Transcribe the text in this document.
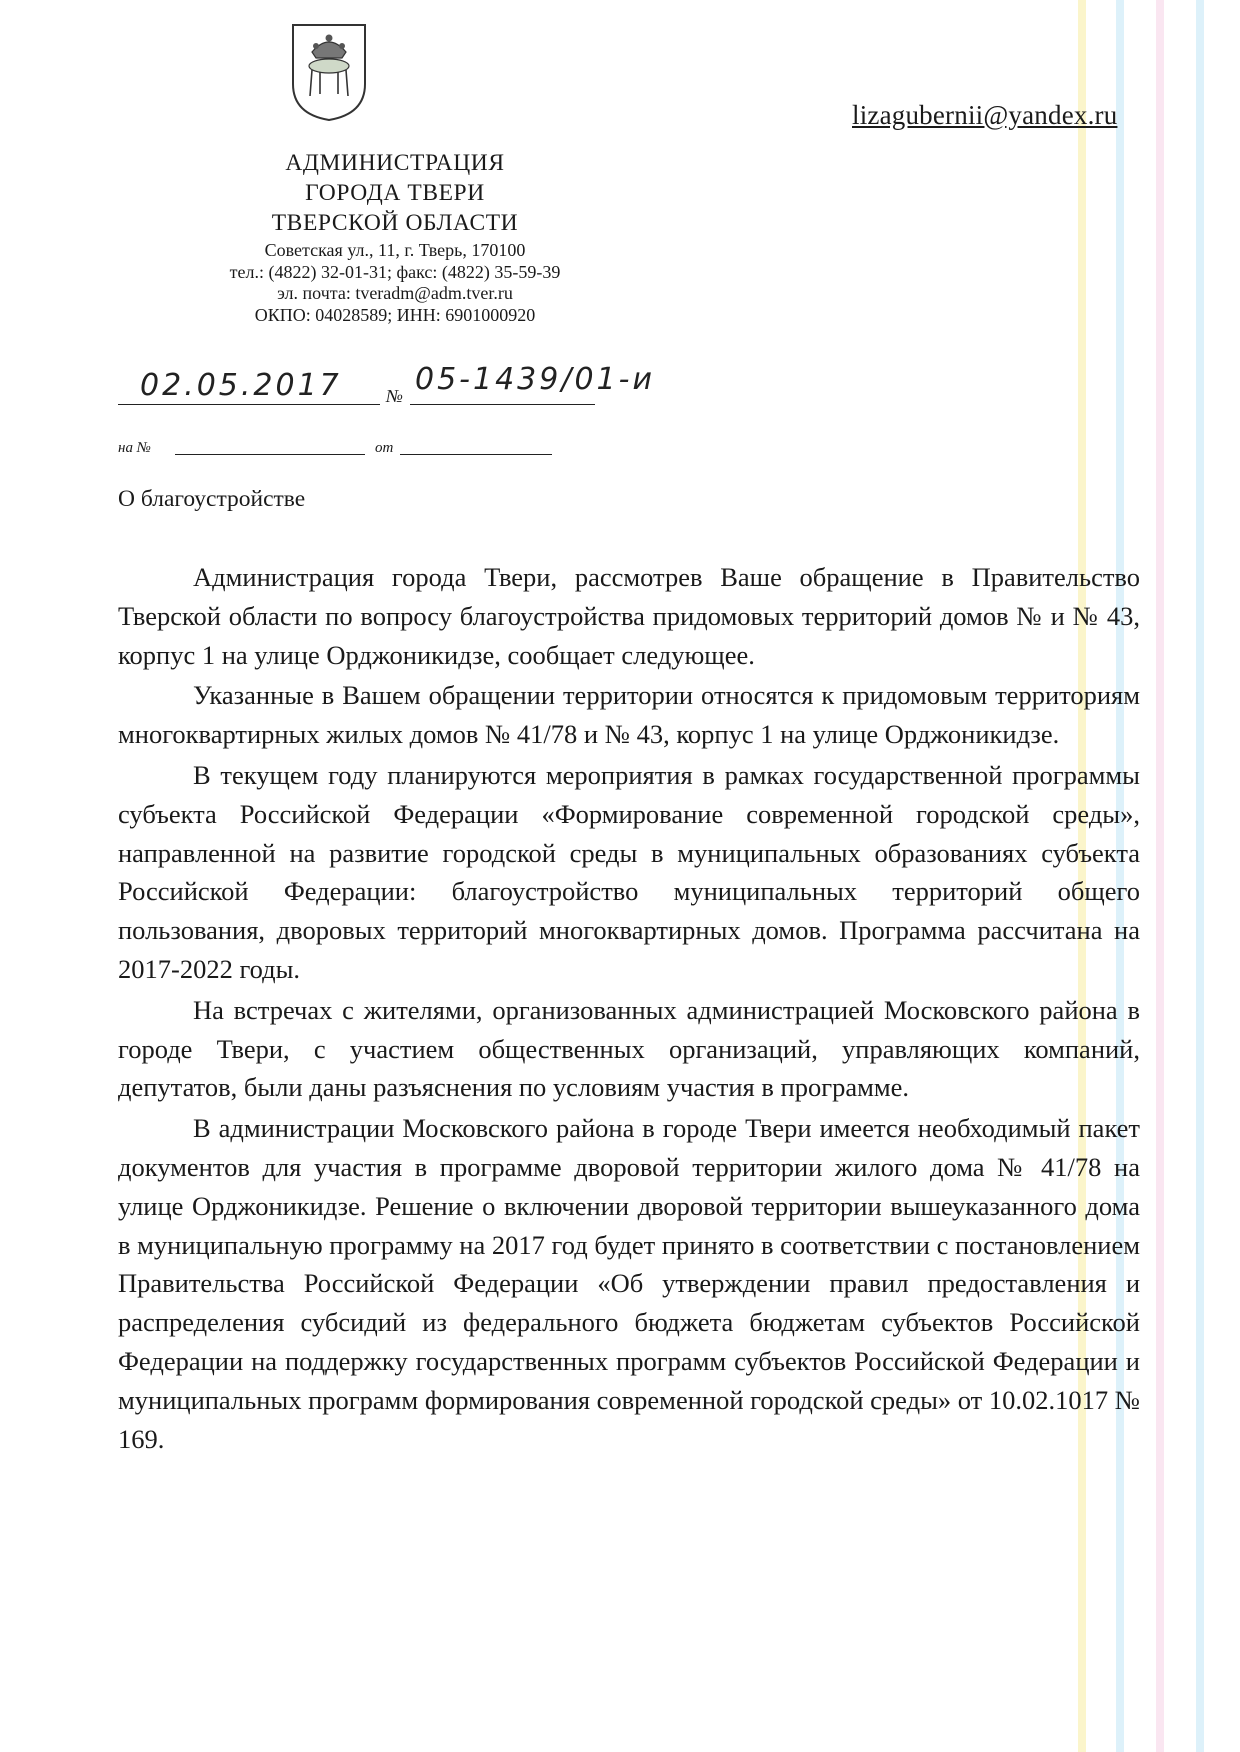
lizagubernii@yandex.ru
АДМИНИСТРАЦИЯ
ГОРОДА ТВЕРИ
ТВЕРСКОЙ ОБЛАСТИ
Советская ул., 11, г. Тверь, 170100
тел.: (4822) 32-01-31; факс: (4822) 35-59-39
эл. почта: tveradm@adm.tver.ru
ОКПО: 04028589; ИНН: 6901000920
02.05.2017 № 05-1439/01-и
на №	от
О благоустройстве

Администрация города Твери, рассмотрев Ваше обращение в Правительство Тверской области по вопросу благоустройства придомовых территорий домов № и № 43, корпус 1 на улице Орджоникидзе, сообщает следующее.

Указанные в Вашем обращении территории относятся к придомовым территориям многоквартирных жилых домов № 41/78 и № 43, корпус 1 на улице Орджоникидзе.

В текущем году планируются мероприятия в рамках государственной программы субъекта Российской Федерации «Формирование современной городской среды», направленной на развитие городской среды в муниципальных образованиях субъекта Российской Федерации: благоустройство муниципальных территорий общего пользования, дворовых территорий многоквартирных домов. Программа рассчитана на 2017-2022 годы.

На встречах с жителями, организованных администрацией Московского района в городе Твери, с участием общественных организаций, управляющих компаний, депутатов, были даны разъяснения по условиям участия в программе.

В администрации Московского района в городе Твери имеется необходимый пакет документов для участия в программе дворовой территории жилого дома № 41/78 на улице Орджоникидзе. Решение о включении дворовой территории вышеуказанного дома в муниципальную программу на 2017 год будет принято в соответствии с постановлением Правительства Российской Федерации «Об утверждении правил предоставления и распределения субсидий из федерального бюджета бюджетам субъектов Российской Федерации на поддержку государственных программ субъектов Российской Федерации и муниципальных программ формирования современной городской среды» от 10.02.1017 № 169.
